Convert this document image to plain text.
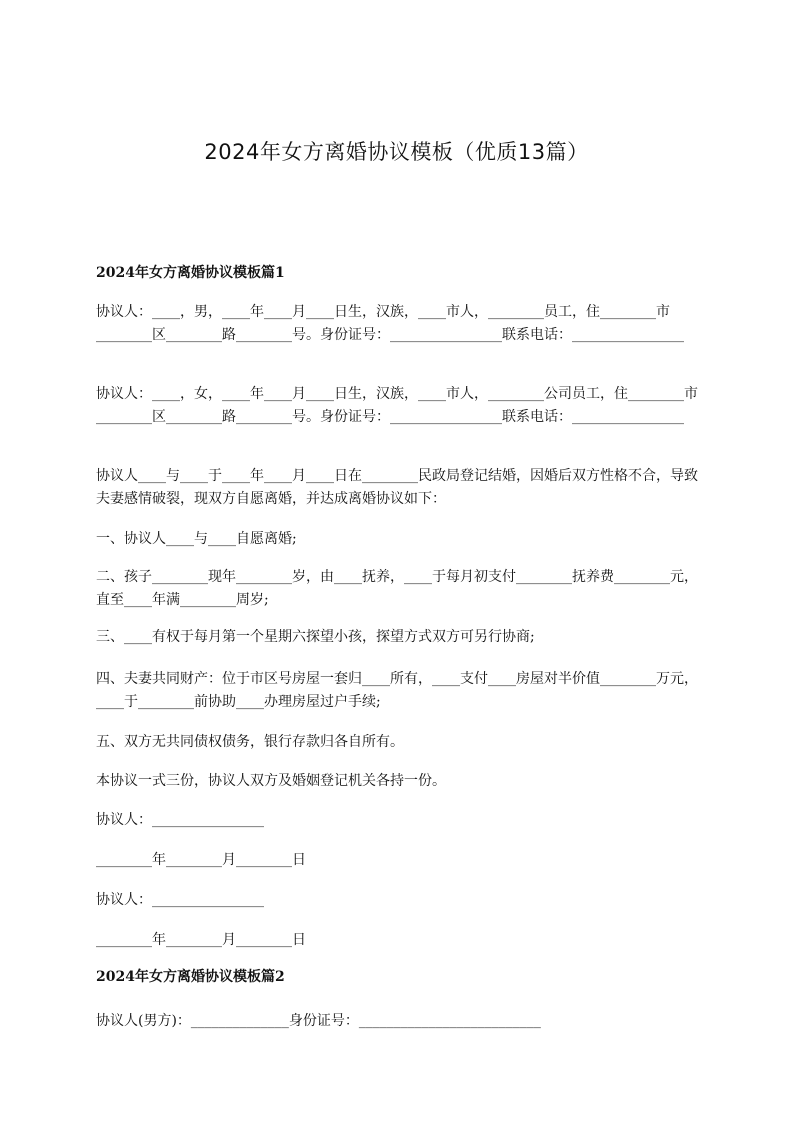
2024年女方离婚协议模板（优质13篇）
2024年女方离婚协议模板篇1
协议人：____，男，____年____月____日生，汉族，____市人，________员工，住________市________区________路________号。身份证号：________________联系电话：________________
协议人：____，女，____年____月____日生，汉族，____市人，________公司员工，住________市________区________路________号。身份证号：________________联系电话：________________
协议人____与____于____年____月____日在________民政局登记结婚，因婚后双方性格不合，导致夫妻感情破裂，现双方自愿离婚，并达成离婚协议如下：
一、协议人____与____自愿离婚;
二、孩子________现年________岁，由____抚养，____于每月初支付________抚养费________元，直至____年满________周岁;
三、____有权于每月第一个星期六探望小孩，探望方式双方可另行协商;
四、夫妻共同财产：位于市区号房屋一套归____所有，____支付____房屋对半价值________万元，____于________前协助____办理房屋过户手续;
五、双方无共同债权债务，银行存款归各自所有。
本协议一式三份，协议人双方及婚姻登记机关各持一份。
协议人：________________
________年________月________日
协议人：________________
________年________月________日
2024年女方离婚协议模板篇2
协议人(男方)：______________身份证号：__________________________
